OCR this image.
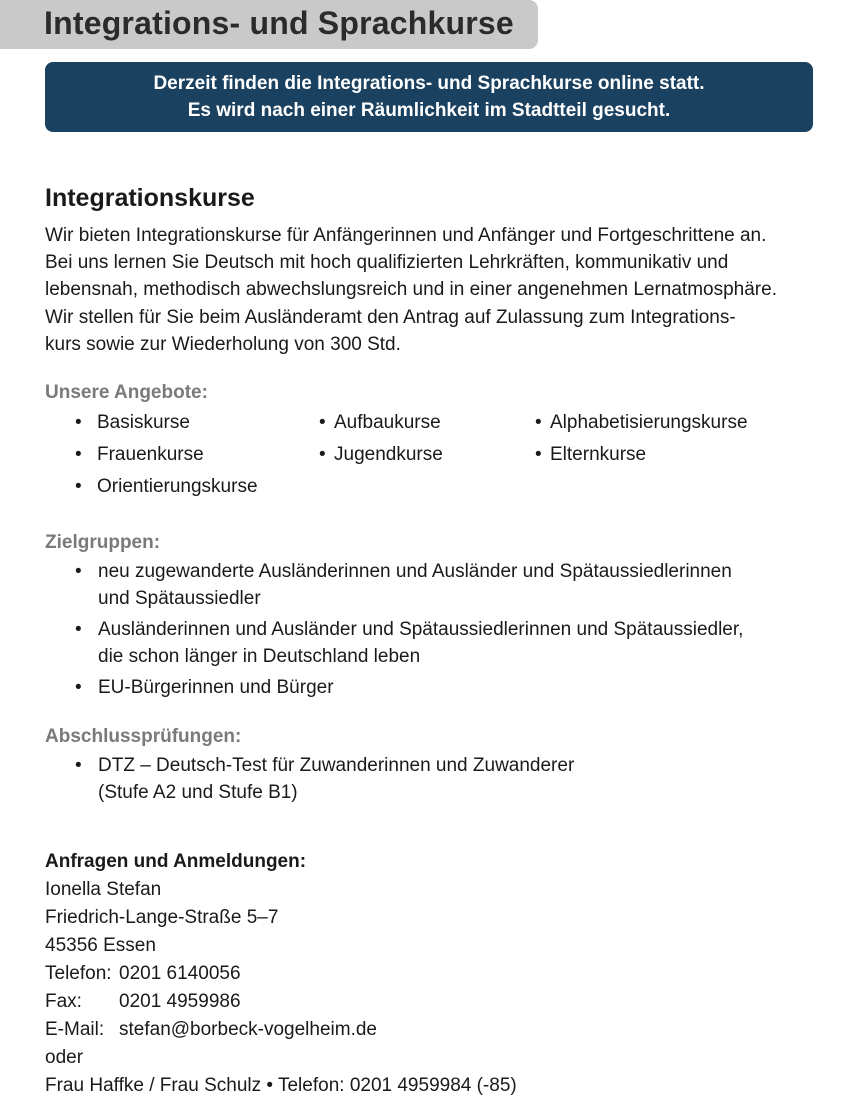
Integrations- und Sprachkurse
Derzeit finden die Integrations- und Sprachkurse online statt.
Es wird nach einer Räumlichkeit im Stadtteil gesucht.
Integrationskurse
Wir bieten Integrationskurse für Anfängerinnen und Anfänger und Fortgeschrittene an.
Bei uns lernen Sie Deutsch mit hoch qualifizierten Lehrkräften, kommunikativ und
lebensnah, methodisch abwechslungsreich und in einer angenehmen Lernatmosphäre.
Wir stellen für Sie beim Ausländeramt den Antrag auf Zulassung zum Integrations-
kurs sowie zur Wiederholung von 300 Std.
Unsere Angebote:
• Basiskurse	• Aufbaukurse	• Alphabetisierungskurse
• Frauenkurse	• Jugendkurse	• Elternkurse
• Orientierungskurse
Zielgruppen:
• neu zugewanderte Ausländerinnen und Ausländer und Spätaussiedlerinnen
und Spätaussiedler
• Ausländerinnen und Ausländer und Spätaussiedlerinnen und Spätaussiedler,
die schon länger in Deutschland leben
• EU-Bürgerinnen und Bürger
Abschlussprüfungen:
• DTZ – Deutsch-Test für Zuwanderinnen und Zuwanderer
(Stufe A2 und Stufe B1)
Anfragen und Anmeldungen:
Ionella Stefan
Friedrich-Lange-Straße 5–7
45356 Essen
Telefon: 0201 6140056
Fax: 0201 4959986
E-Mail: stefan@borbeck-vogelheim.de
oder
Frau Haffke / Frau Schulz • Telefon: 0201 4959984 (-85)
